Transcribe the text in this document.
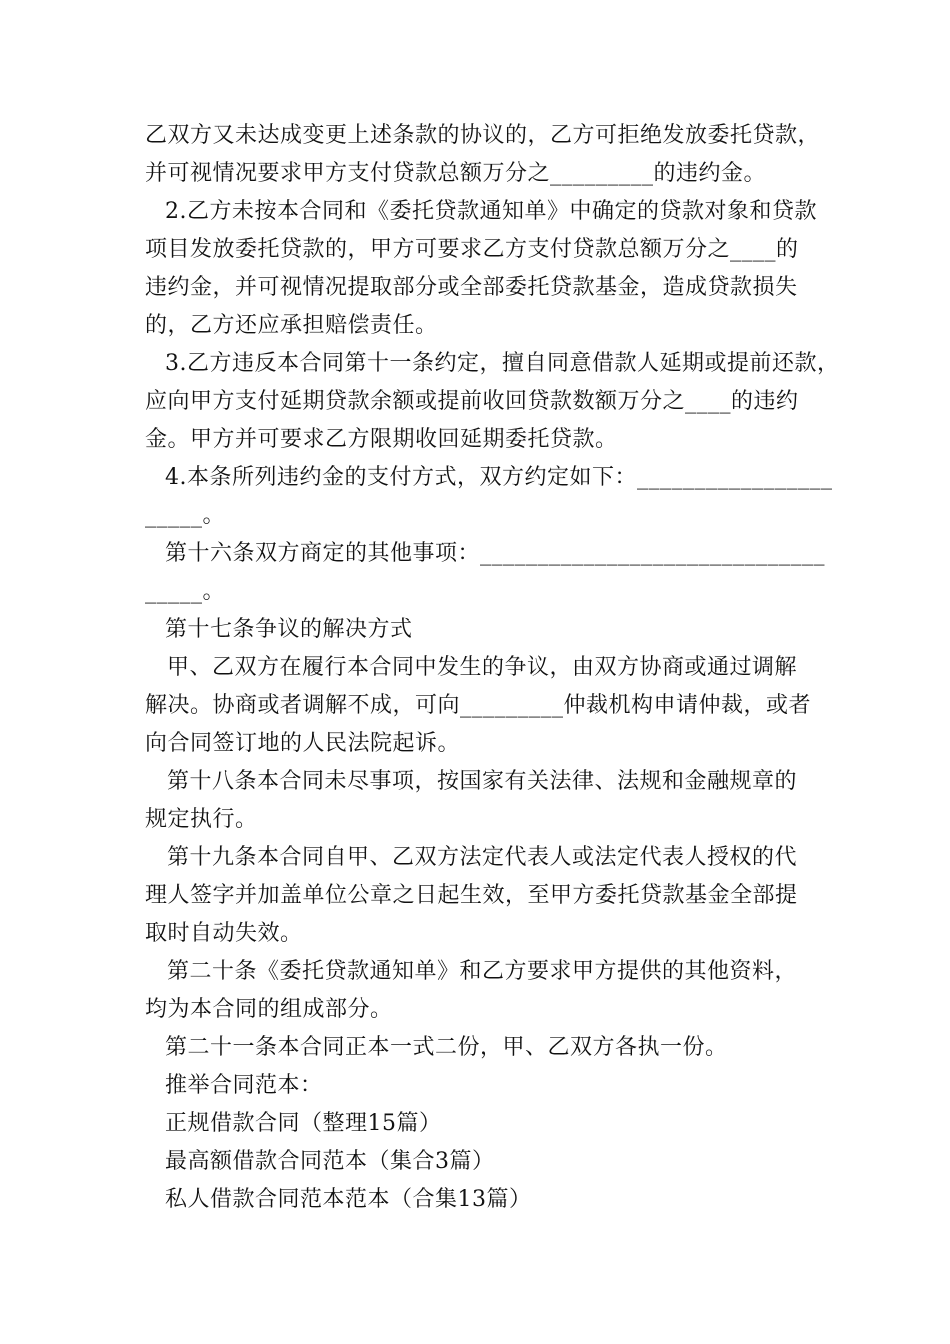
乙双方又未达成变更上述条款的协议的，乙方可拒绝发放委托贷款，
并可视情况要求甲方支付贷款总额万分之_________的违约金。
2.乙方未按本合同和《委托贷款通知单》中确定的贷款对象和贷款
项目发放委托贷款的，甲方可要求乙方支付贷款总额万分之____的
违约金，并可视情况提取部分或全部委托贷款基金，造成贷款损失
的，乙方还应承担赔偿责任。
3.乙方违反本合同第十一条约定，擅自同意借款人延期或提前还款，
应向甲方支付延期贷款余额或提前收回贷款数额万分之____的违约
金。甲方并可要求乙方限期收回延期委托贷款。
4.本条所列违约金的支付方式，双方约定如下：_________________
_____。
第十六条双方商定的其他事项：______________________________
_____。
第十七条争议的解决方式
甲、乙双方在履行本合同中发生的争议，由双方协商或通过调解
解决。协商或者调解不成，可向_________仲裁机构申请仲裁，或者
向合同签订地的人民法院起诉。
第十八条本合同未尽事项，按国家有关法律、法规和金融规章的
规定执行。
第十九条本合同自甲、乙双方法定代表人或法定代表人授权的代
理人签字并加盖单位公章之日起生效，至甲方委托贷款基金全部提
取时自动失效。
第二十条《委托贷款通知单》和乙方要求甲方提供的其他资料，
均为本合同的组成部分。
第二十一条本合同正本一式二份，甲、乙双方各执一份。
推举合同范本：
正规借款合同（整理15篇）
最高额借款合同范本（集合3篇）
私人借款合同范本范本（合集13篇）
